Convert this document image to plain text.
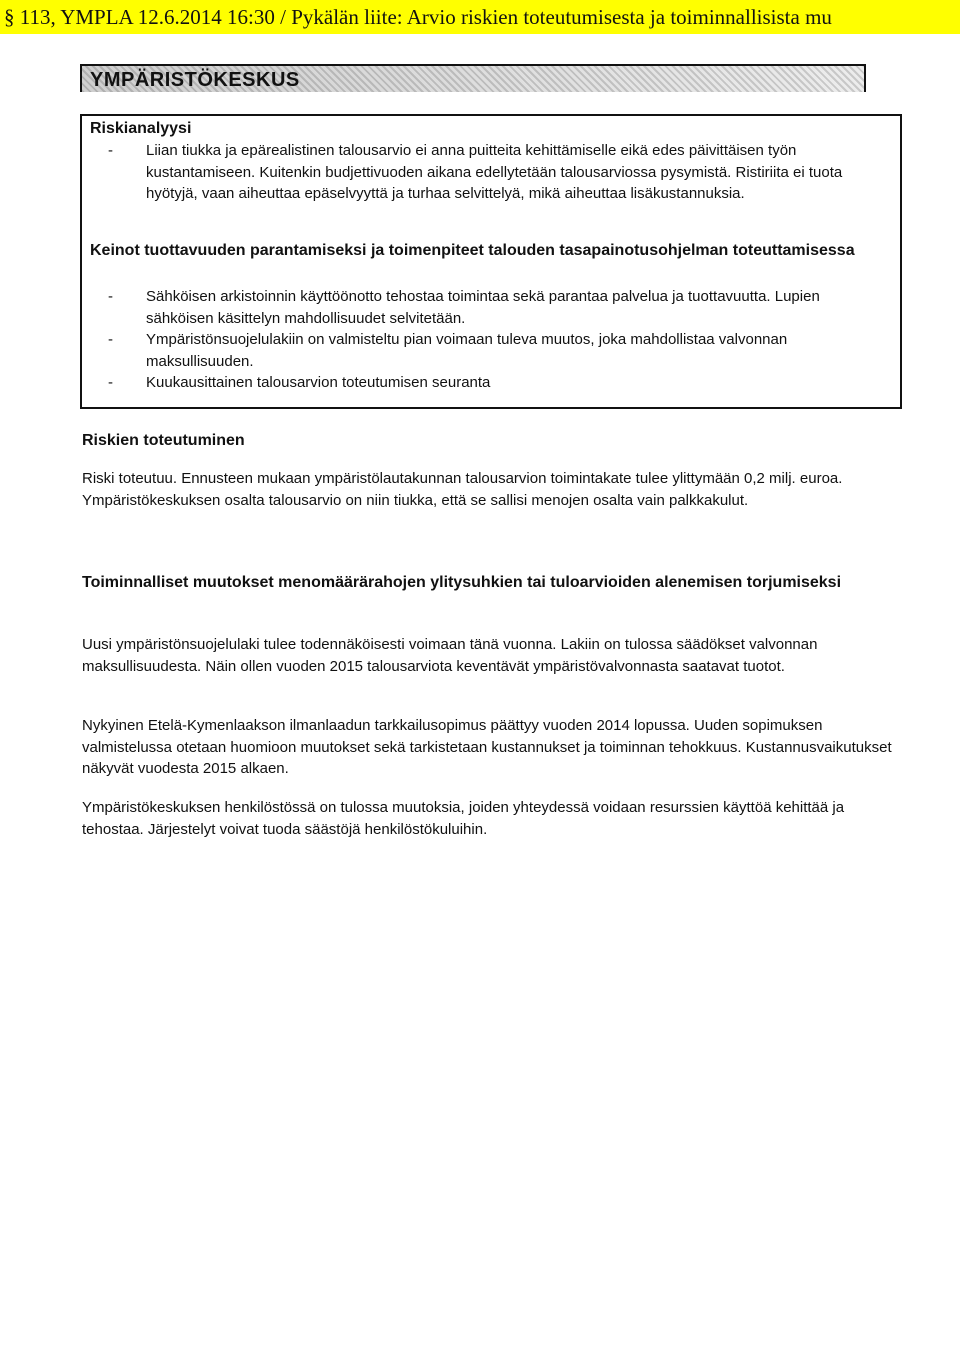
§ 113, YMPLA 12.6.2014 16:30 / Pykälän liite: Arvio riskien toteutumisesta ja toiminnallisista mu
YMPÄRISTÖKESKUS
Riskianalyysi
- Liian tiukka ja epärealistinen talousarvio ei anna puitteita kehittämiselle eikä edes päivittäisen työn kustantamiseen. Kuitenkin budjettivuoden aikana edellytetään talousarviossa pysymistä. Ristiriita ei tuota hyötyjä, vaan aiheuttaa epäselvyyttä ja turhaa selvittelyä, mikä aiheuttaa lisäkustannuksia.
Keinot tuottavuuden parantamiseksi ja toimenpiteet talouden tasapainotusohjelman toteuttamisessa
- Sähköisen arkistoinnin käyttöönotto tehostaa toimintaa sekä parantaa palvelua ja tuottavuutta. Lupien sähköisen käsittelyn mahdollisuudet selvitetään.
- Ympäristönsuojelulakiin on valmisteltu pian voimaan tuleva muutos, joka mahdollistaa valvonnan maksullisuuden.
- Kuukausittainen talousarvion toteutumisen seuranta
Riskien toteutuminen
Riski toteutuu. Ennusteen mukaan ympäristölautakunnan talousarvion toimintakate tulee ylittymään 0,2 milj. euroa. Ympäristökeskuksen osalta talousarvio on niin tiukka, että se sallisi menojen osalta vain palkkakulut.
Toiminnalliset muutokset menomäärärahojen ylitysuhkien tai tuloarvioiden alenemisen torjumiseksi
Uusi ympäristönsuojelulaki tulee todennäköisesti voimaan tänä vuonna. Lakiin on tulossa säädökset valvonnan maksullisuudesta. Näin ollen vuoden 2015 talousarviota keventävät ympäristövalvonnasta saatavat tuotot.
Nykyinen Etelä-Kymenlaakson ilmanlaadun tarkkailusopimus päättyy vuoden 2014 lopussa. Uuden sopimuksen valmistelussa otetaan huomioon muutokset sekä tarkistetaan kustannukset ja toiminnan tehokkuus. Kustannusvaikutukset näkyvät vuodesta 2015 alkaen.
Ympäristökeskuksen henkilöstössä on tulossa muutoksia, joiden yhteydessä voidaan resurssien käyttöä kehittää ja tehostaa. Järjestelyt voivat tuoda säästöjä henkilöstökuluihin.
